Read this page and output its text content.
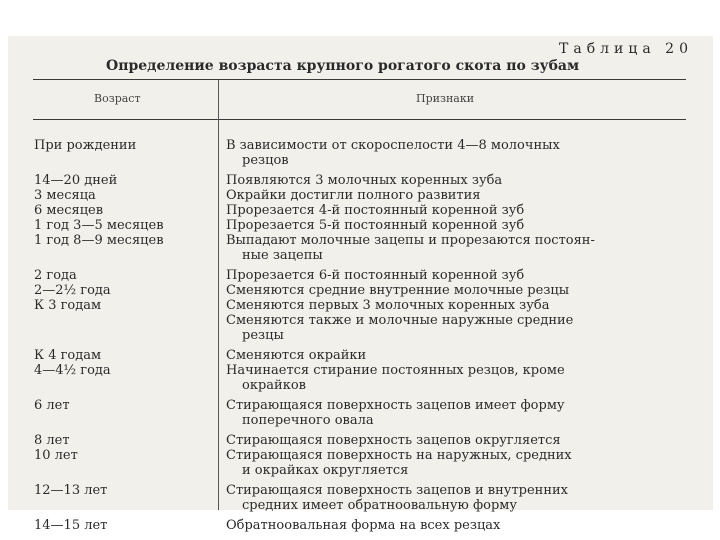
Таблица 20
Определение возраста крупного рогатого скота по зубам
Возраст	Признаки
При рождении	В зависимости от скороспелости 4—8 молочных
резцов
14—20 дней	Появляются 3 молочных коренных зуба
3 месяца	Окрайки достигли полного развития
6 месяцев	Прорезается 4-й постоянный коренной зуб
1 год 3—5 месяцев	Прорезается 5-й постоянный коренной зуб
1 год 8—9 месяцев	Выпадают молочные зацепы и прорезаются постоян-
ные зацепы
2 года	Прорезается 6-й постоянный коренной зуб
2—2½ года	Сменяются средние внутренние молочные резцы
К 3 годам	Сменяются первых 3 молочных коренных зуба
Сменяются также и молочные наружные средние
резцы
К 4 годам	Сменяются окрайки
4—4½ года	Начинается стирание постоянных резцов, кроме
окрайков
6 лет	Стирающаяся поверхность зацепов имеет форму
поперечного овала
8 лет	Стирающаяся поверхность зацепов округляется
10 лет	Стирающаяся поверхность на наружных, средних
и окрайках округляется
12—13 лет	Стирающаяся поверхность зацепов и внутренних
средних имеет обратноовальную форму
14—15 лет	Обратноовальная форма на всех резцах
